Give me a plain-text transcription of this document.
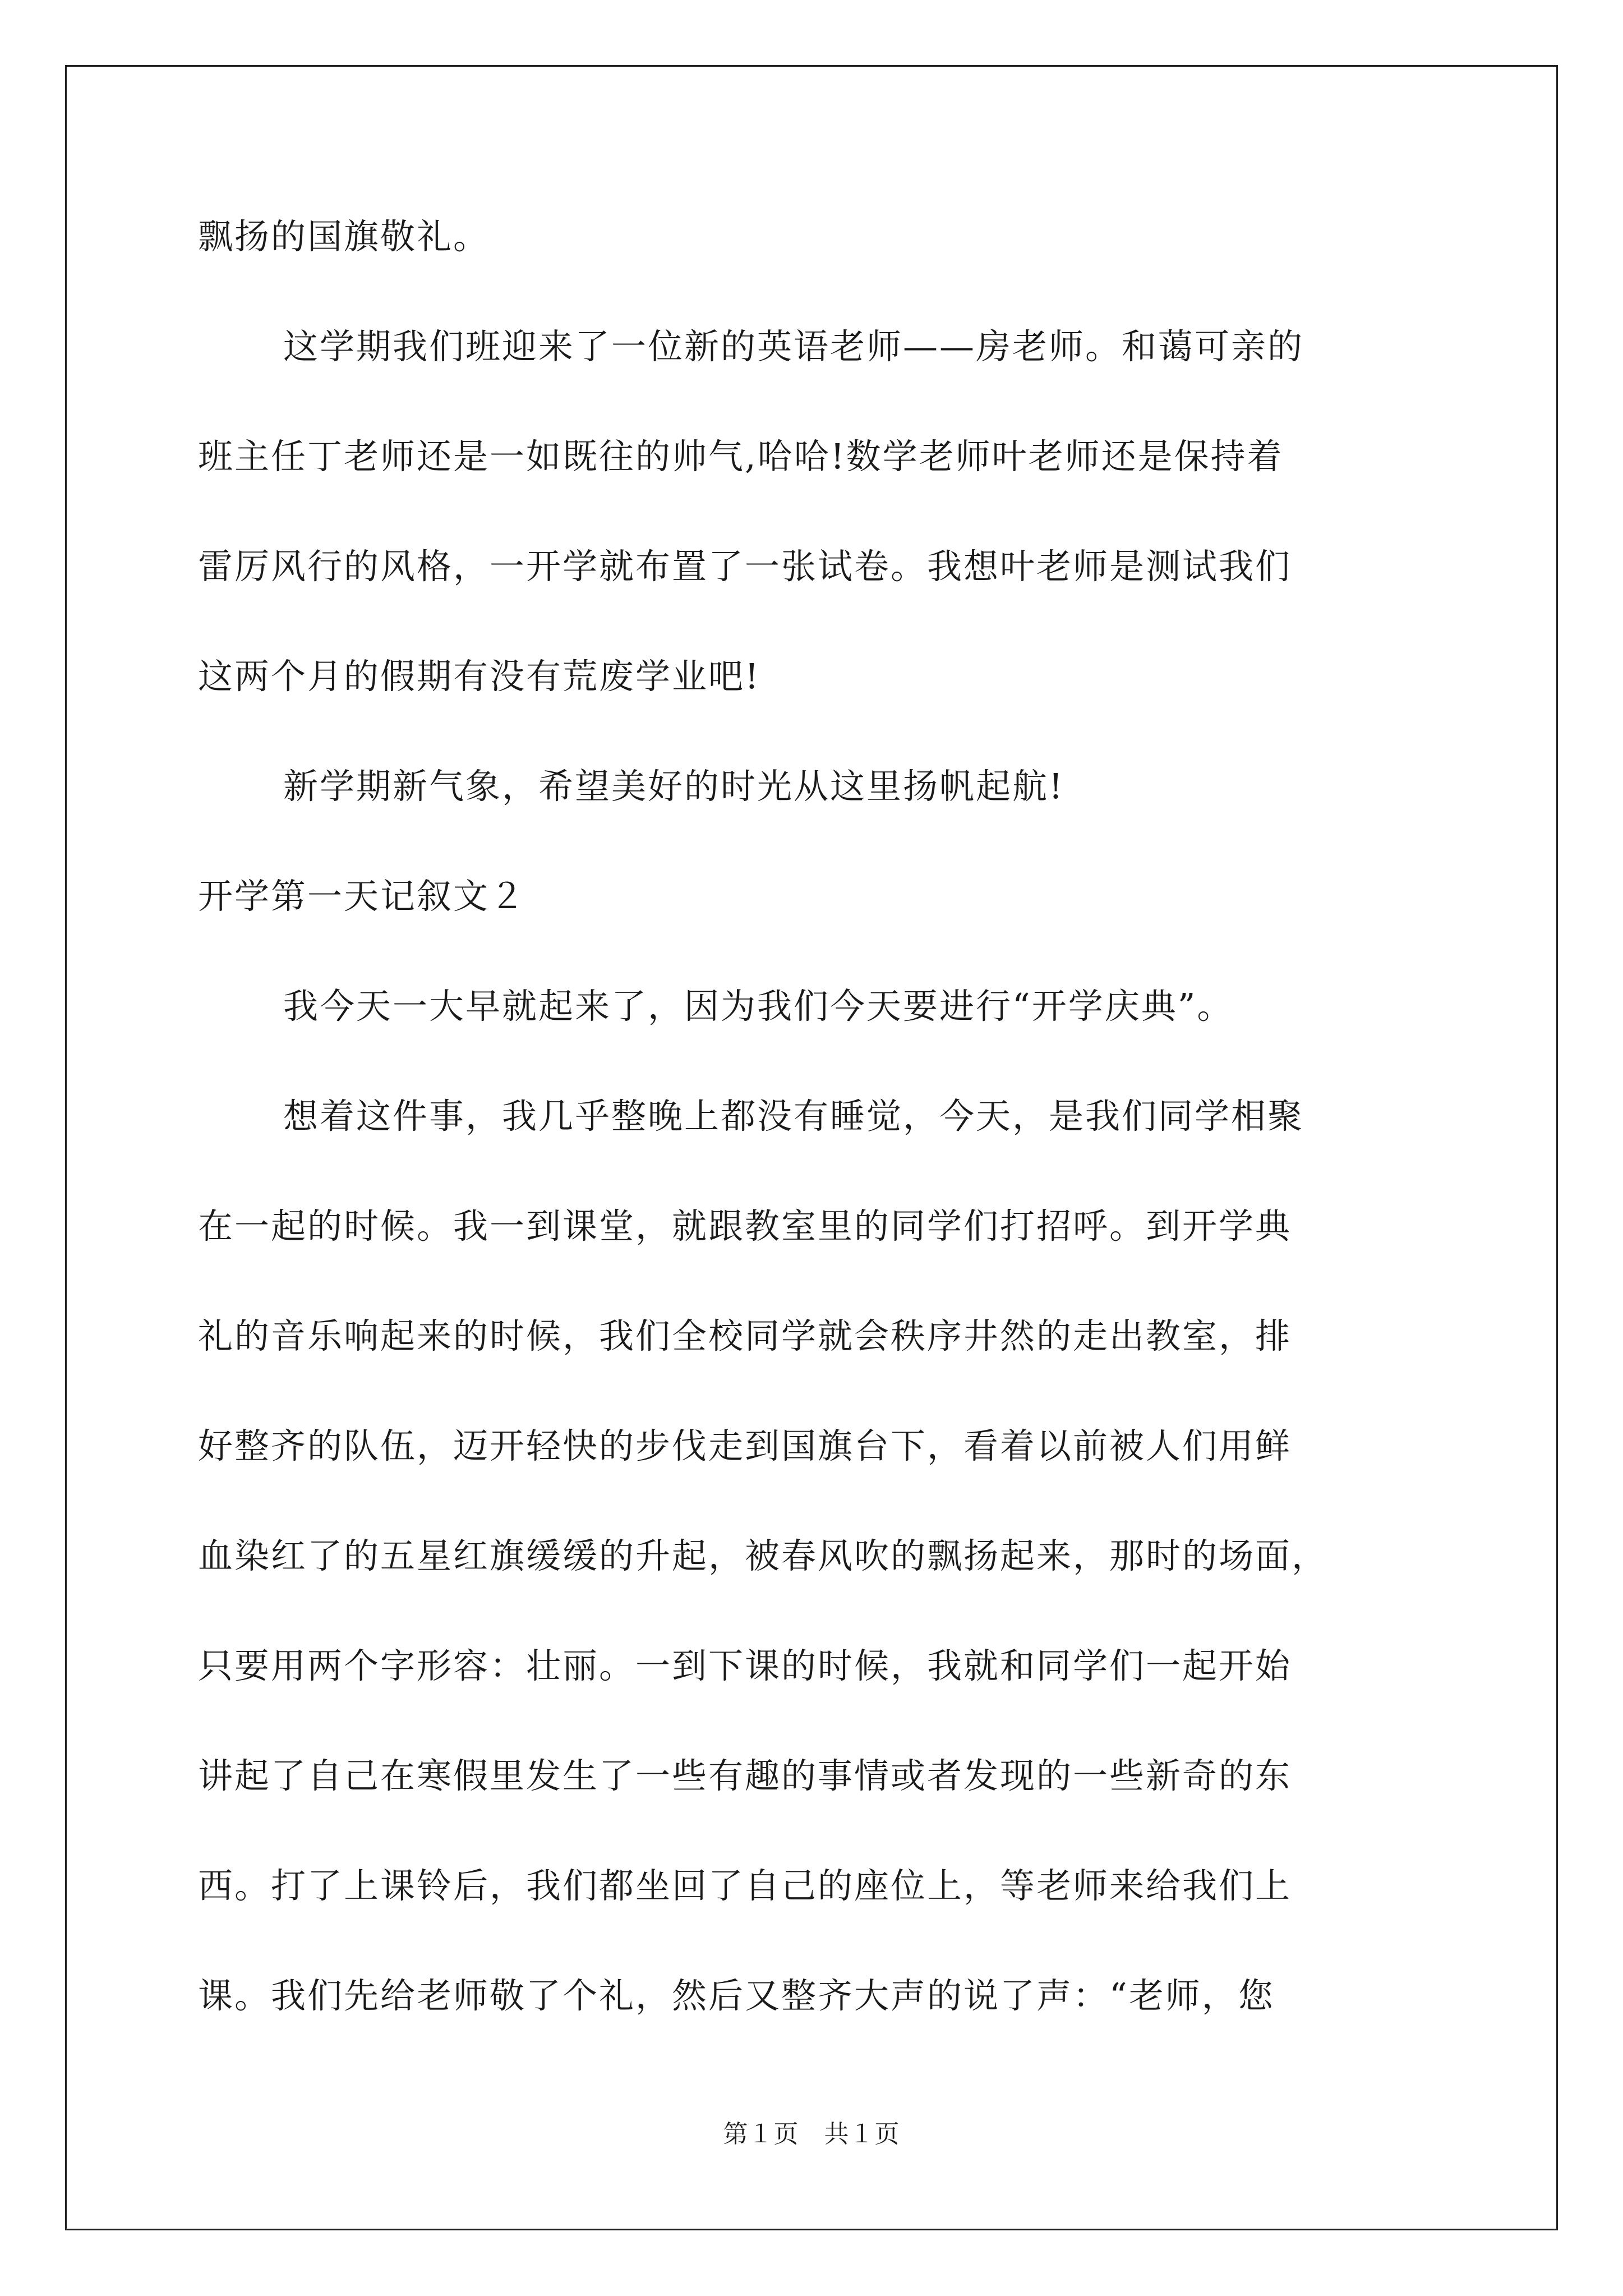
飘扬的国旗敬礼。
这学期我们班迎来了一位新的英语老师——房老师。和蔼可亲的
班主任丁老师还是一如既往的帅气,哈哈!数学老师叶老师还是保持着
雷厉风行的风格，一开学就布置了一张试卷。我想叶老师是测试我们
这两个月的假期有没有荒废学业吧!
新学期新气象，希望美好的时光从这里扬帆起航!
开学第一天记叙文２
我今天一大早就起来了，因为我们今天要进行“开学庆典”。
想着这件事，我几乎整晚上都没有睡觉，今天，是我们同学相聚
在一起的时候。我一到课堂，就跟教室里的同学们打招呼。到开学典
礼的音乐响起来的时候，我们全校同学就会秩序井然的走出教室，排
好整齐的队伍，迈开轻快的步伐走到国旗台下，看着以前被人们用鲜
血染红了的五星红旗缓缓的升起，被春风吹的飘扬起来，那时的场面，
只要用两个字形容：壮丽。一到下课的时候，我就和同学们一起开始
讲起了自己在寒假里发生了一些有趣的事情或者发现的一些新奇的东
西。打了上课铃后，我们都坐回了自己的座位上，等老师来给我们上
课。我们先给老师敬了个礼，然后又整齐大声的说了声：“老师，您
第１页　共１页
